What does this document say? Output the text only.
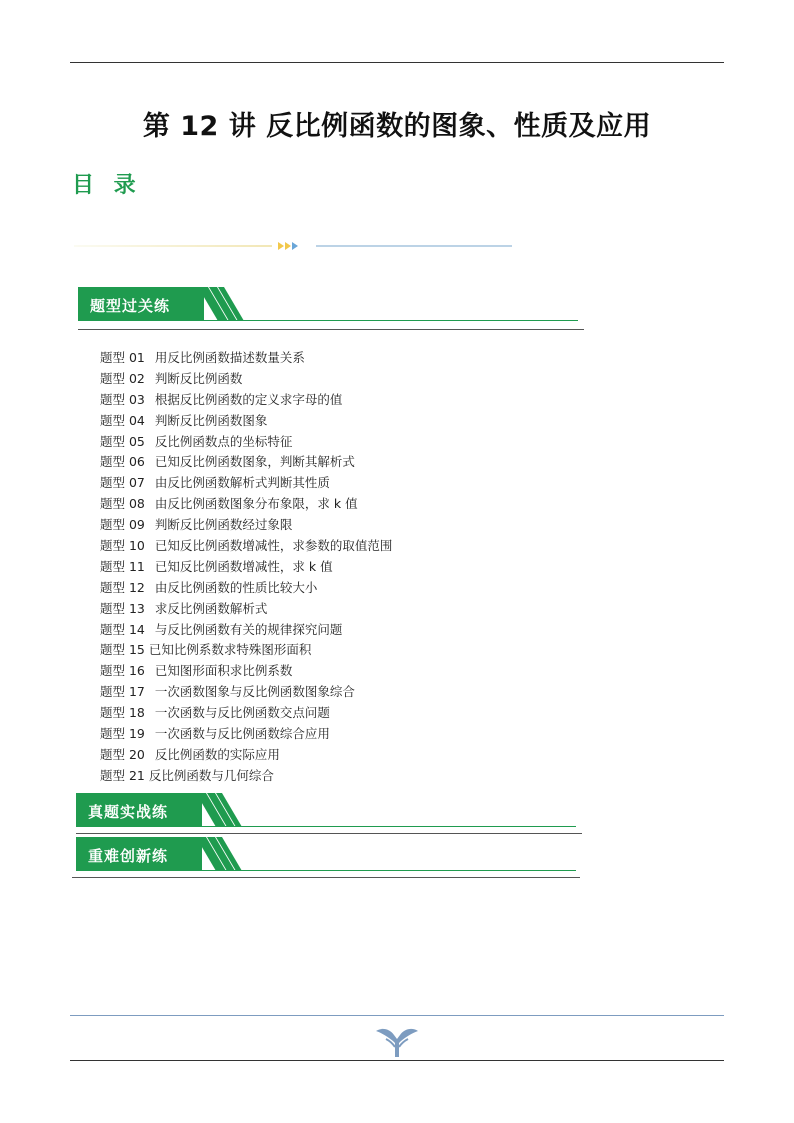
第 12 讲 反比例函数的图象、性质及应用
目 录
题型过关练
题型 01 用反比例函数描述数量关系
题型 02 判断反比例函数
题型 03 根据反比例函数的定义求字母的值
题型 04 判断反比例函数图象
题型 05 反比例函数点的坐标特征
题型 06 已知反比例函数图象，判断其解析式
题型 07 由反比例函数解析式判断其性质
题型 08 由反比例函数图象分布象限，求 k 值
题型 09 判断反比例函数经过象限
题型 10 已知反比例函数增减性，求参数的取值范围
题型 11 已知反比例函数增减性，求 k 值
题型 12 由反比例函数的性质比较大小
题型 13 求反比例函数解析式
题型 14 与反比例函数有关的规律探究问题
题型 15 已知比例系数求特殊图形面积
题型 16 已知图形面积求比例系数
题型 17 一次函数图象与反比例函数图象综合
题型 18 一次函数与反比例函数交点问题
题型 19 一次函数与反比例函数综合应用
题型 20 反比例函数的实际应用
题型 21 反比例函数与几何综合
真题实战练
重难创新练
